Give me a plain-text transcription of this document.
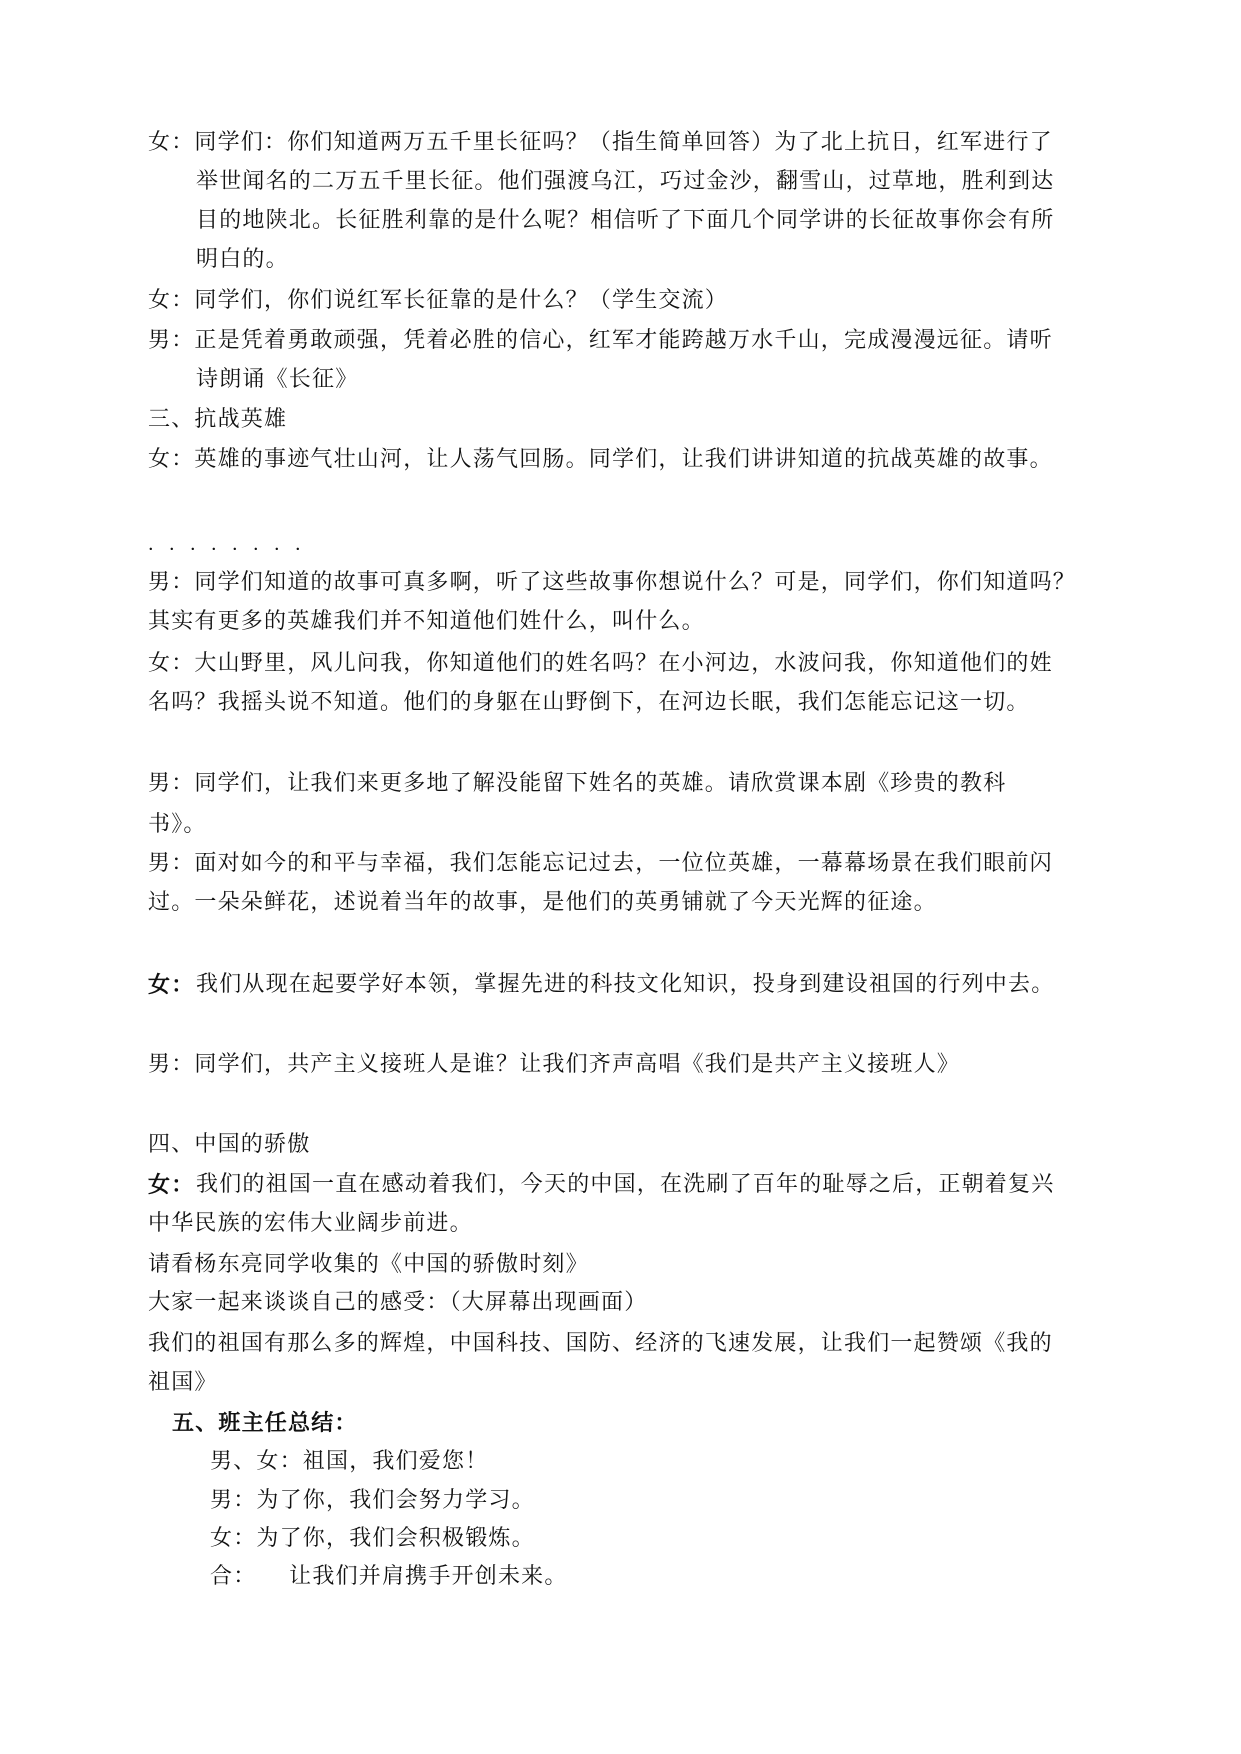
女：同学们：你们知道两万五千里长征吗？（指生简单回答）为了北上抗日，红军进行了
举世闻名的二万五千里长征。他们强渡乌江，巧过金沙，翻雪山，过草地，胜利到达
目的地陕北。长征胜利靠的是什么呢？相信听了下面几个同学讲的长征故事你会有所
明白的。
女：同学们，你们说红军长征靠的是什么？（学生交流）
男：正是凭着勇敢顽强，凭着必胜的信心，红军才能跨越万水千山，完成漫漫远征。请听
诗朗诵《长征》
三、抗战英雄
女：英雄的事迹气壮山河，让人荡气回肠。同学们，让我们讲讲知道的抗战英雄的故事。
．．．．．．．．
男：同学们知道的故事可真多啊，听了这些故事你想说什么？可是，同学们，你们知道吗？
其实有更多的英雄我们并不知道他们姓什么，叫什么。
女：大山野里，风儿问我，你知道他们的姓名吗？在小河边，水波问我，你知道他们的姓
名吗？我摇头说不知道。他们的身躯在山野倒下，在河边长眠，我们怎能忘记这一切。
男：同学们，让我们来更多地了解没能留下姓名的英雄。请欣赏课本剧《珍贵的教科
书》。
男：面对如今的和平与幸福，我们怎能忘记过去，一位位英雄，一幕幕场景在我们眼前闪
过。一朵朵鲜花，述说着当年的故事，是他们的英勇铺就了今天光辉的征途。
女： 我们从现在起要学好本领，掌握先进的科技文化知识，投身到建设祖国的行列中去。
男：同学们，共产主义接班人是谁？让我们齐声高唱《我们是共产主义接班人》
四、中国的骄傲
女： 我们的祖国一直在感动着我们，今天的中国，在洗刷了百年的耻辱之后，正朝着复兴
中华民族的宏伟大业阔步前进。
请看杨东亮同学收集的《中国的骄傲时刻》
大家一起来谈谈自己的感受：（大屏幕出现画面）
我们的祖国有那么多的辉煌，中国科技、国防、经济的飞速发展，让我们一起赞颂《我的
祖国》
五、班主任总结：
男、女：祖国，我们爱您！
男：为了你，我们会努力学习。
女：为了你，我们会积极锻炼。
合：    让我们并肩携手开创未来。
